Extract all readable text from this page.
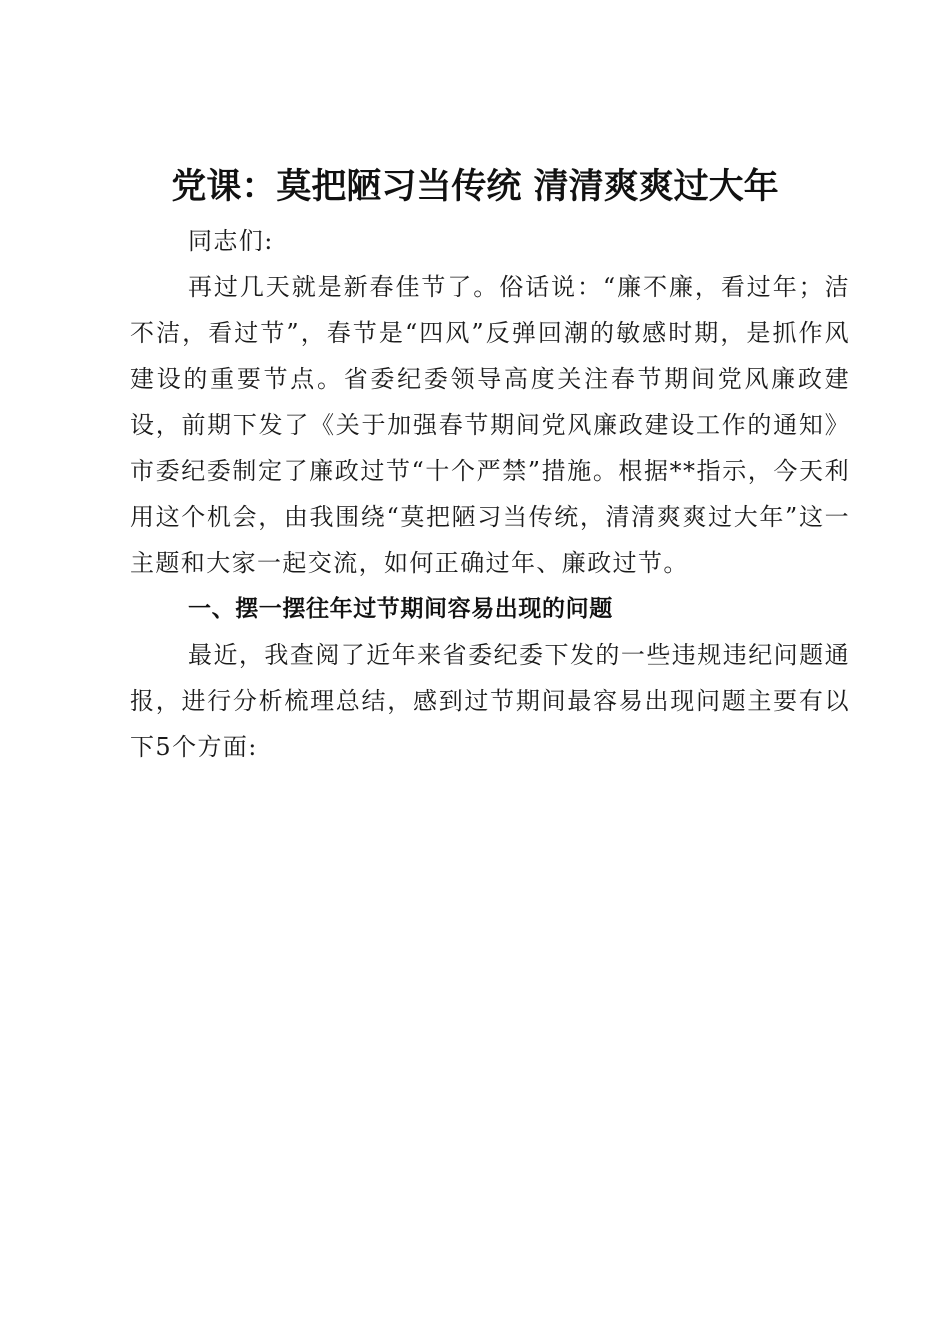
党课：莫把陋习当传统 清清爽爽过大年

同志们:

再过几天就是新春佳节了。俗话说：“廉不廉，看过年；洁不洁，看过节”，春节是“四风”反弹回潮的敏感时期，是抓作风建设的重要节点。省委纪委领导高度关注春节期间党风廉政建设，前期下发了《关于加强春节期间党风廉政建设工作的通知》市委纪委制定了廉政过节“十个严禁”措施。根据**指示，今天利用这个机会，由我围绕“莫把陋习当传统，清清爽爽过大年”这一主题和大家一起交流，如何正确过年、廉政过节。

一、摆一摆往年过节期间容易出现的问题

最近，我查阅了近年来省委纪委下发的一些违规违纪问题通报，进行分析梳理总结，感到过节期间最容易出现问题主要有以下5个方面:
